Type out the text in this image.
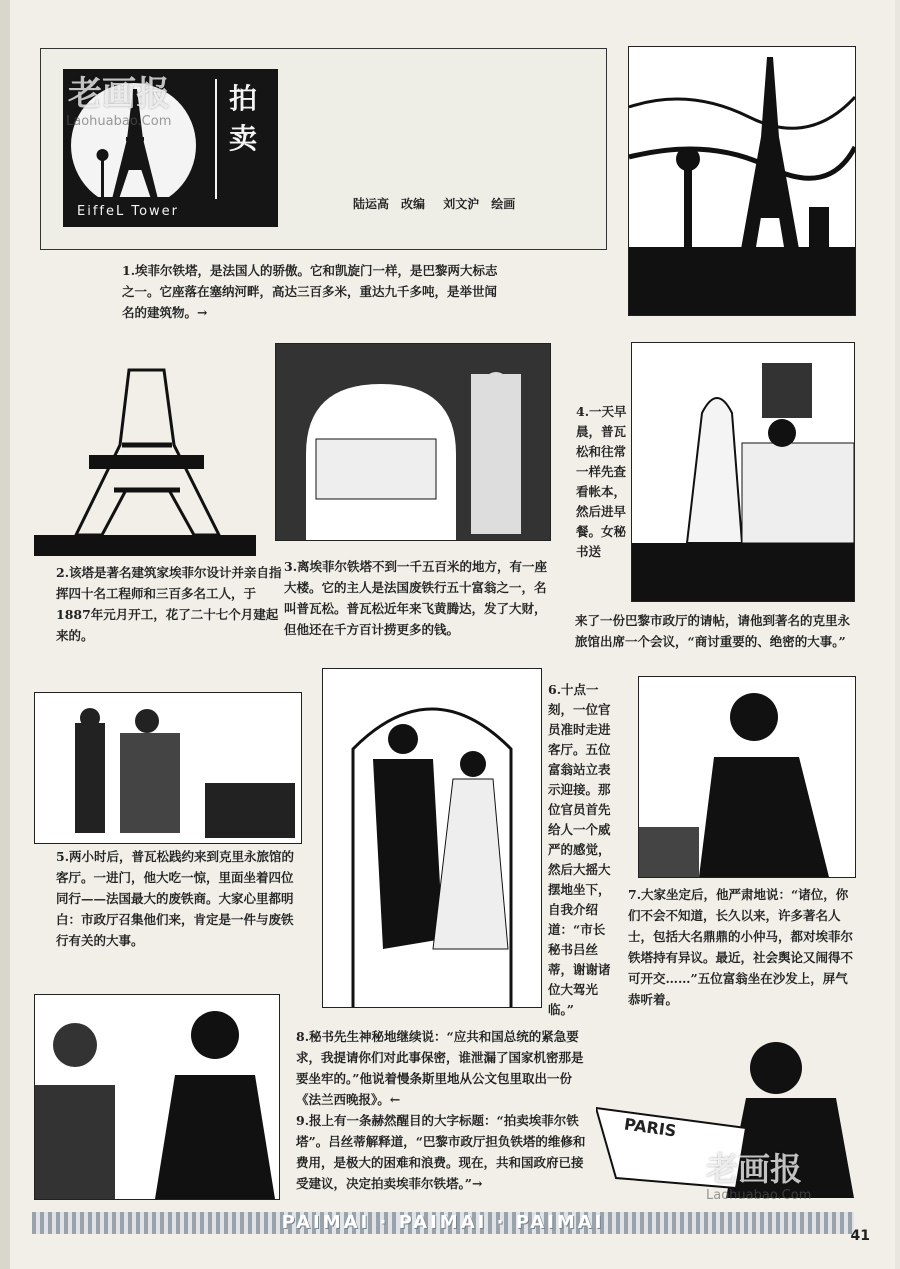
拍
卖
EiffeL Tower	陆运高　改编 刘文沪　绘画
老画报
Laohuabao.Com
1.埃菲尔铁塔，是法国人的骄傲。它和凯旋门一样，是巴黎两大标志之一。它座落在塞纳河畔，高达三百多米，重达九千多吨，是举世闻名的建筑物。→
2.该塔是著名建筑家埃菲尔设计并亲自指挥四十名工程师和三百多名工人，于1887年元月开工，花了二十七个月建起来的。
3.离埃菲尔铁塔不到一千五百米的地方，有一座大楼。它的主人是法国废铁行五十富翁之一，名叫普瓦松。普瓦松近年来飞黄腾达，发了大财，但他还在千方百计捞更多的钱。
4.一天早晨，普瓦松和往常一样先查看帐本，然后进早餐。女秘书送
来了一份巴黎市政厅的请帖，请他到著名的克里永旅馆出席一个会议，“商讨重要的、绝密的大事。”
5.两小时后，普瓦松践约来到克里永旅馆的客厅。一进门，他大吃一惊，里面坐着四位同行——法国最大的废铁商。大家心里都明白：市政厅召集他们来，肯定是一件与废铁行有关的大事。
6.十点一刻，一位官员准时走进客厅。五位富翁站立表示迎接。那位官员首先给人一个威严的感觉，然后大摇大摆地坐下，自我介绍道：“市长秘书吕丝蒂，谢谢诸位大驾光临。”
7.大家坐定后，他严肃地说：“诸位，你们不会不知道，长久以来，许多著名人士，包括大名鼎鼎的小仲马，都对埃菲尔铁塔持有异议。最近，社会舆论又闹得不可开交……”五位富翁坐在沙发上，屏气恭听着。
8.秘书先生神秘地继续说：“应共和国总统的紧急要求，我提请你们对此事保密，谁泄漏了国家机密那是要坐牢的。”他说着慢条斯里地从公文包里取出一份《法兰西晚报》。←
9.报上有一条赫然醒目的大字标题：“拍卖埃菲尔铁塔”。吕丝蒂解释道，“巴黎市政厅担负铁塔的维修和费用，是极大的困难和浪费。现在，共和国政府已接受建议，决定拍卖埃菲尔铁塔。”→
PARIS
老画报
Laohuabao.Com
PAIMAI · PAIMAI · PAIMAI
41
